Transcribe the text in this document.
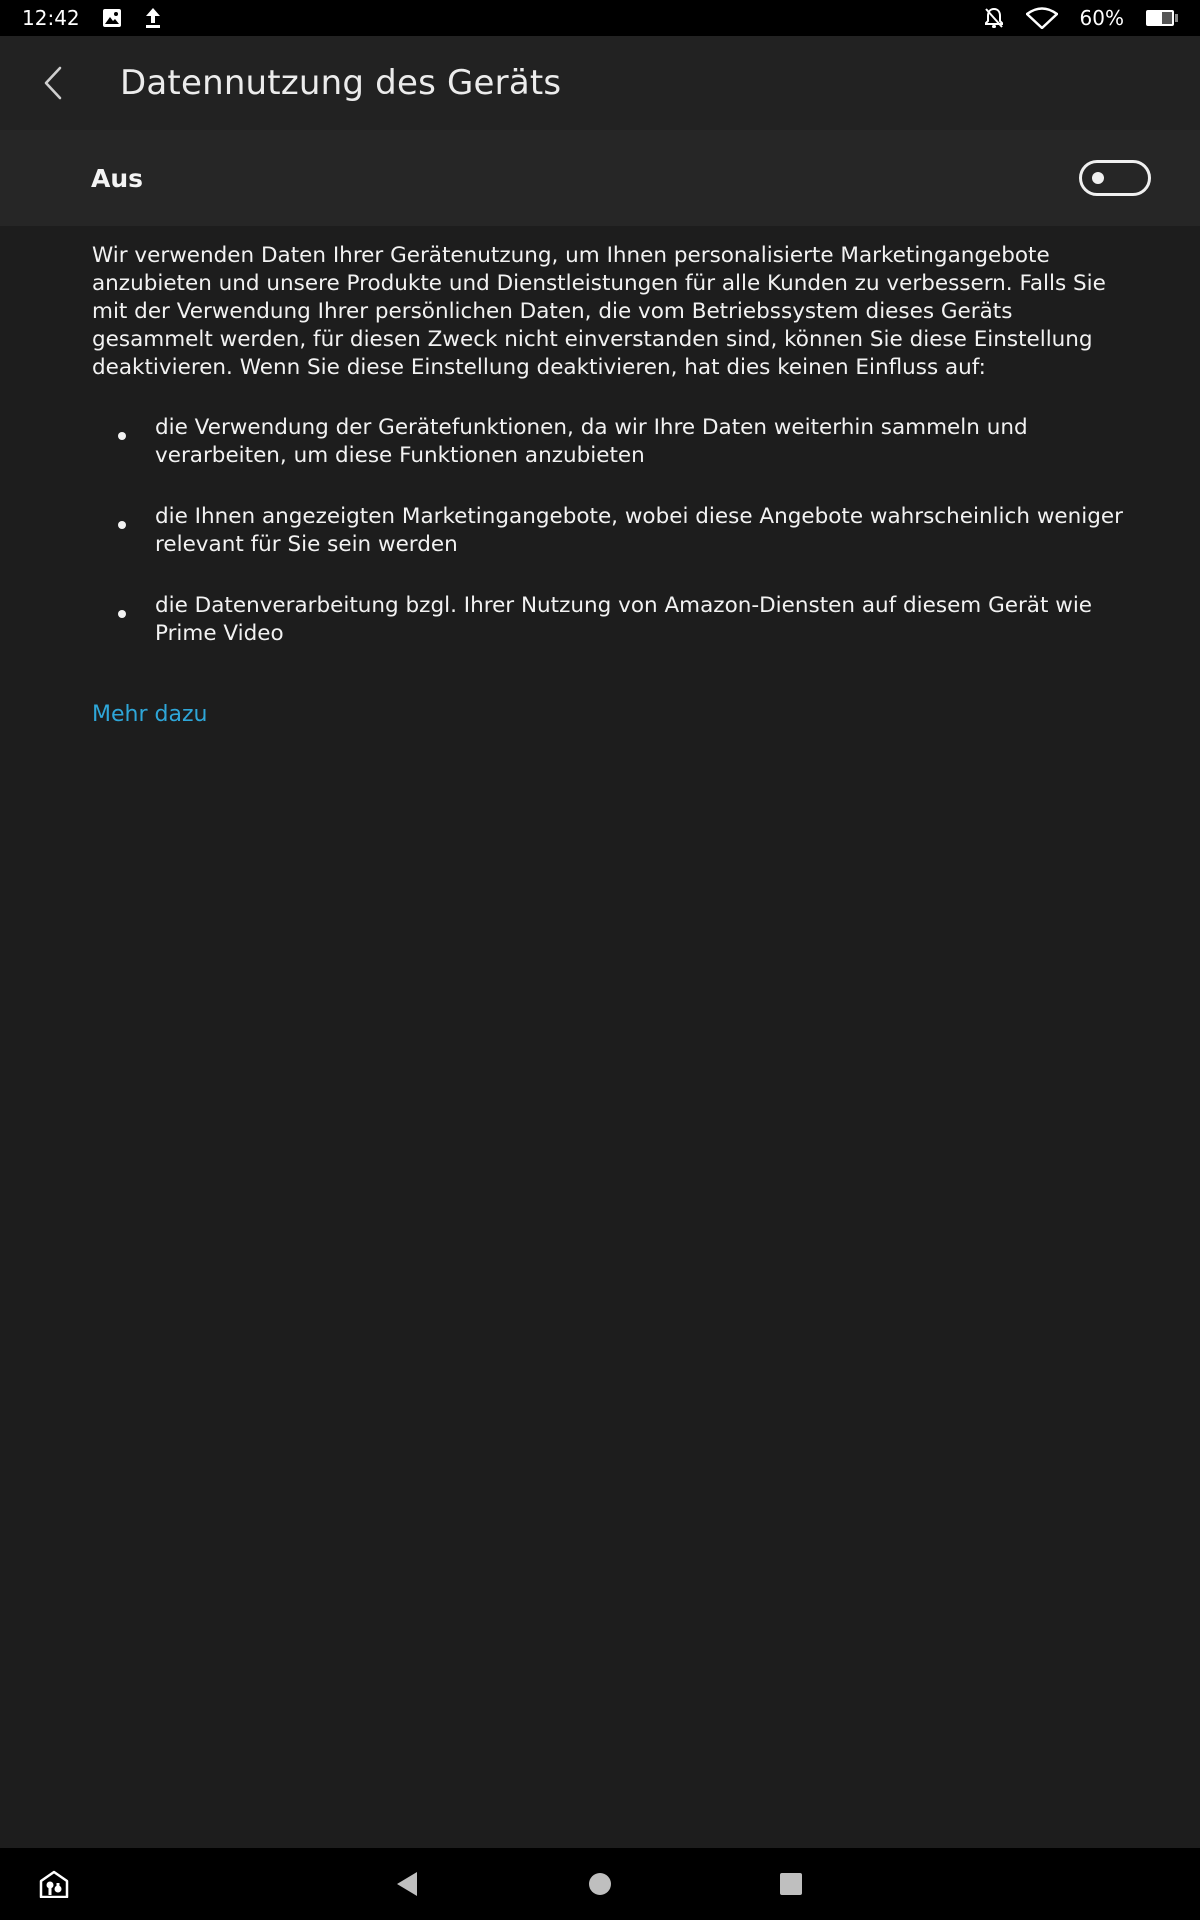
12:42	60%
Datennutzung des Geräts
Aus

Wir verwenden Daten Ihrer Gerätenutzung, um Ihnen personalisierte Marketingangebote anzubieten und unsere Produkte und Dienstleistungen für alle Kunden zu verbessern. Falls Sie mit der Verwendung Ihrer persönlichen Daten, die vom Betriebssystem dieses Geräts gesammelt werden, für diesen Zweck nicht einverstanden sind, können Sie diese Einstellung deaktivieren. Wenn Sie diese Einstellung deaktivieren, hat dies keinen Einfluss auf:

die Verwendung der Gerätefunktionen, da wir Ihre Daten weiterhin sammeln und verarbeiten, um diese Funktionen anzubieten
die Ihnen angezeigten Marketingangebote, wobei diese Angebote wahrscheinlich weniger relevant für Sie sein werden
die Datenverarbeitung bzgl. Ihrer Nutzung von Amazon-Diensten auf diesem Gerät wie Prime Video
Mehr dazu
